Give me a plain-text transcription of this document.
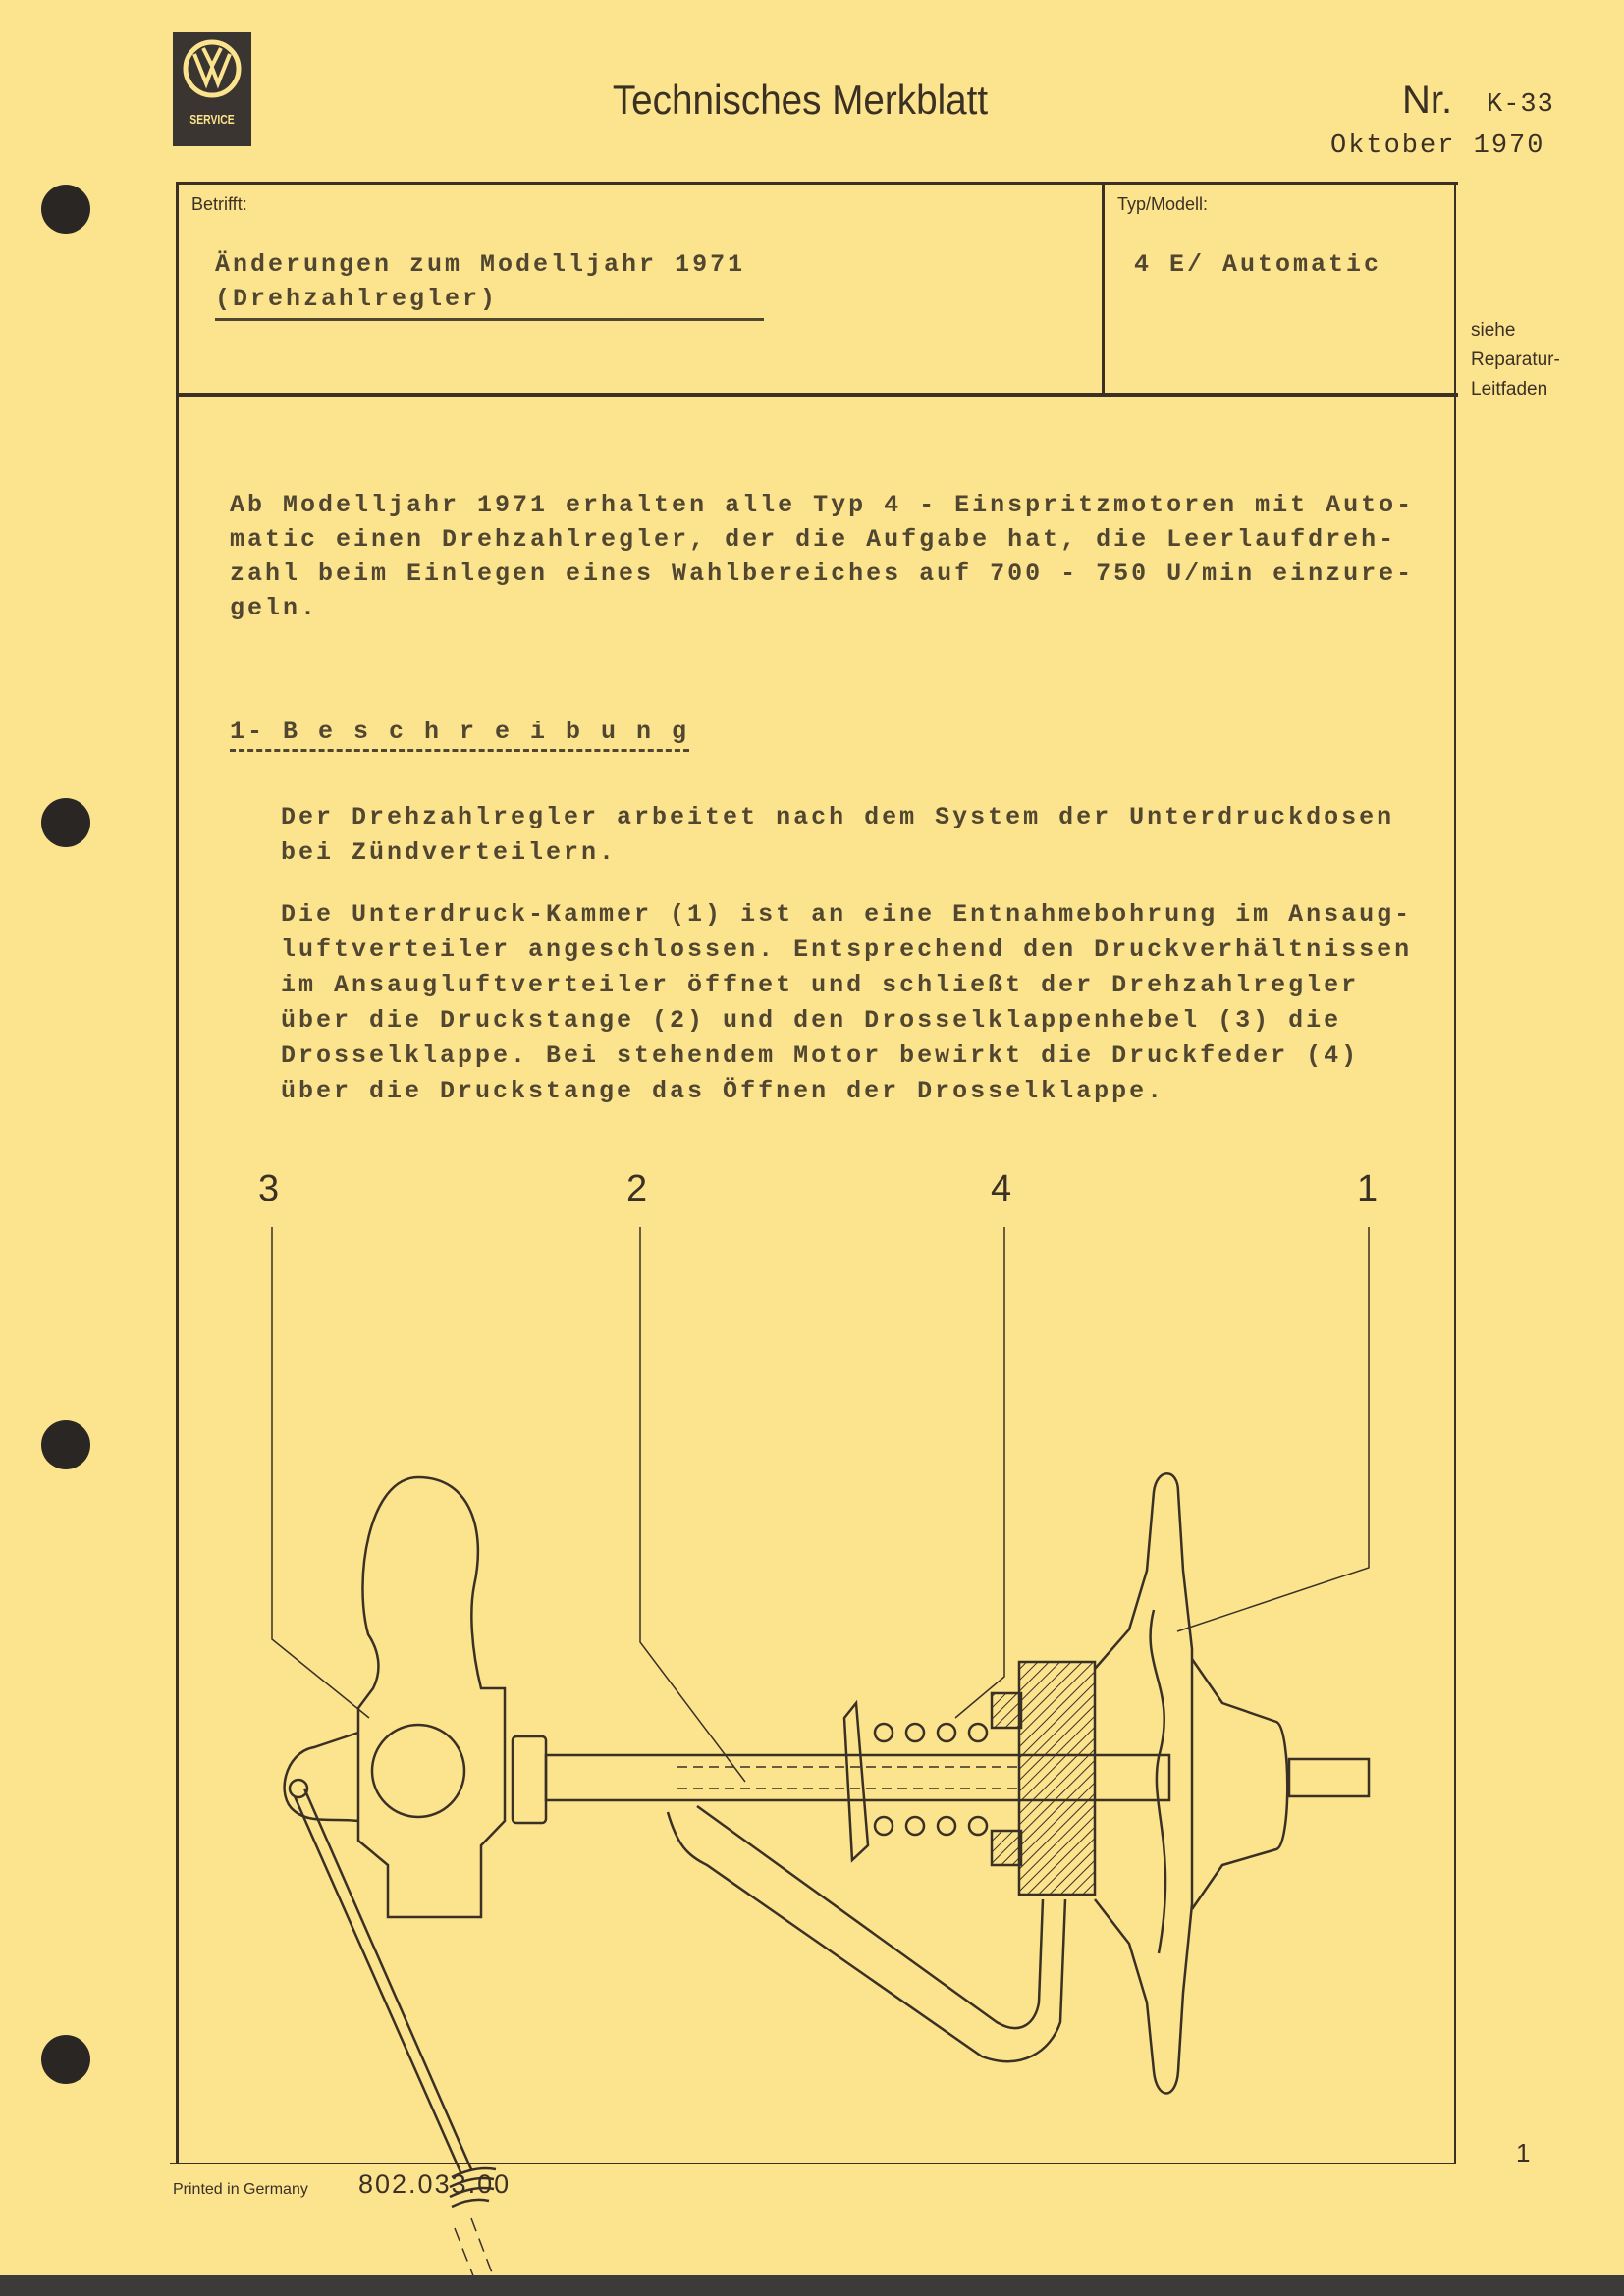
SERVICE	Technisches Merkblatt	Nr. K-33
Oktober 1970
Betrifft:
Änderungen zum Modelljahr 1971
(Drehzahlregler)
Typ/Modell:
4 E/ Automatic
siehe
Reparatur-
Leitfaden
Ab Modelljahr 1971 erhalten alle Typ 4 - Einspritzmotoren mit Auto-
matic einen Drehzahlregler, der die Aufgabe hat, die Leerlaufdreh-
zahl beim Einlegen eines Wahlbereiches auf 700 - 750 U/min einzure-
geln.
1- B e s c h r e i b u n g
Der Drehzahlregler arbeitet nach dem System der Unterdruckdosen
bei Zündverteilern.
Die Unterdruck-Kammer (1) ist an eine Entnahmebohrung im Ansaug-
luftverteiler angeschlossen. Entsprechend den Druckverhältnissen
im Ansaugluftverteiler öffnet und schließt der Drehzahlregler
über die Druckstange (2) und den Drosselklappenhebel (3) die
Drosselklappe. Bei stehendem Motor bewirkt die Druckfeder (4)
über die Druckstange das Öffnen der Drosselklappe.
3	2	4	1
1
Printed in Germany 802.033.00
